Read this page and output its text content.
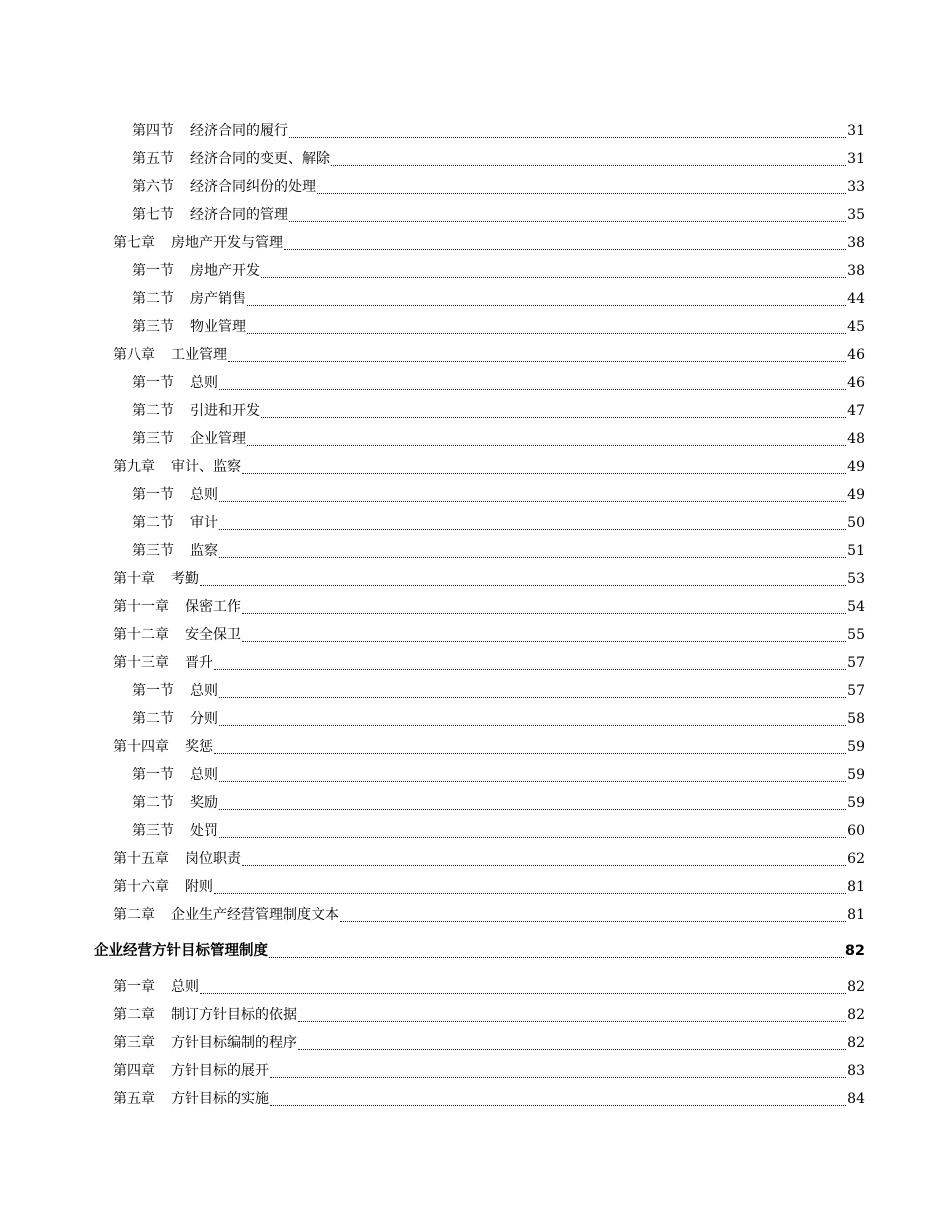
第四节 经济合同的履行	31
第五节 经济合同的变更、解除	31
第六节 经济合同纠份的处理	33
第七节 经济合同的管理	35
第七章 房地产开发与管理	38
第一节 房地产开发	38
第二节 房产销售	44
第三节 物业管理	45
第八章 工业管理	46
第一节 总则	46
第二节 引进和开发	47
第三节 企业管理	48
第九章 审计、监察	49
第一节 总则	49
第二节 审计	50
第三节 监察	51
第十章 考勤	53
第十一章 保密工作	54
第十二章 安全保卫	55
第十三章 晋升	57
第一节 总则	57
第二节 分则	58
第十四章 奖惩	59
第一节 总则	59
第二节 奖励	59
第三节 处罚	60
第十五章 岗位职责	62
第十六章 附则	81
第二章 企业生产经营管理制度文本	81
企业经营方针目标管理制度	82
第一章 总则	82
第二章 制订方针目标的依据	82
第三章 方针目标编制的程序	82
第四章 方针目标的展开	83
第五章 方针目标的实施	84
